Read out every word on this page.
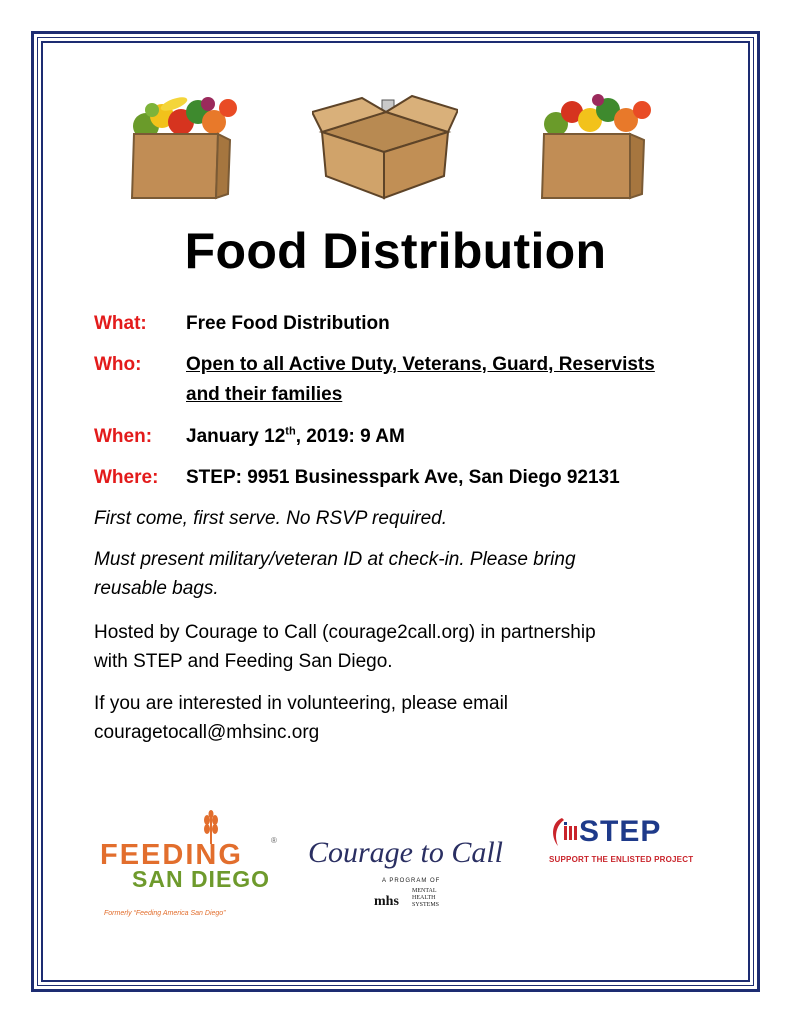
Food Distribution
What: Free Food Distribution
Who: Open to all Active Duty, Veterans, Guard, Reservists
and their families
When: January 12th, 2019: 9 AM
Where: STEP: 9951 Businesspark Ave, San Diego 92131
First come, first serve. No RSVP required.
Must present military/veteran ID at check-in. Please bring
reusable bags.
Hosted by Courage to Call (courage2call.org) in partnership
with STEP and Feeding San Diego.
If you are interested in volunteering, please email
couragetocall@mhsinc.org
FEEDING	®
SAN DIEGO
Formerly “Feeding America San Diego”
Courage to Call
A PROGRAM OF
mhs
MENTAL
HEALTH
SYSTEMS
STEP
SUPPORT THE ENLISTED PROJECT
